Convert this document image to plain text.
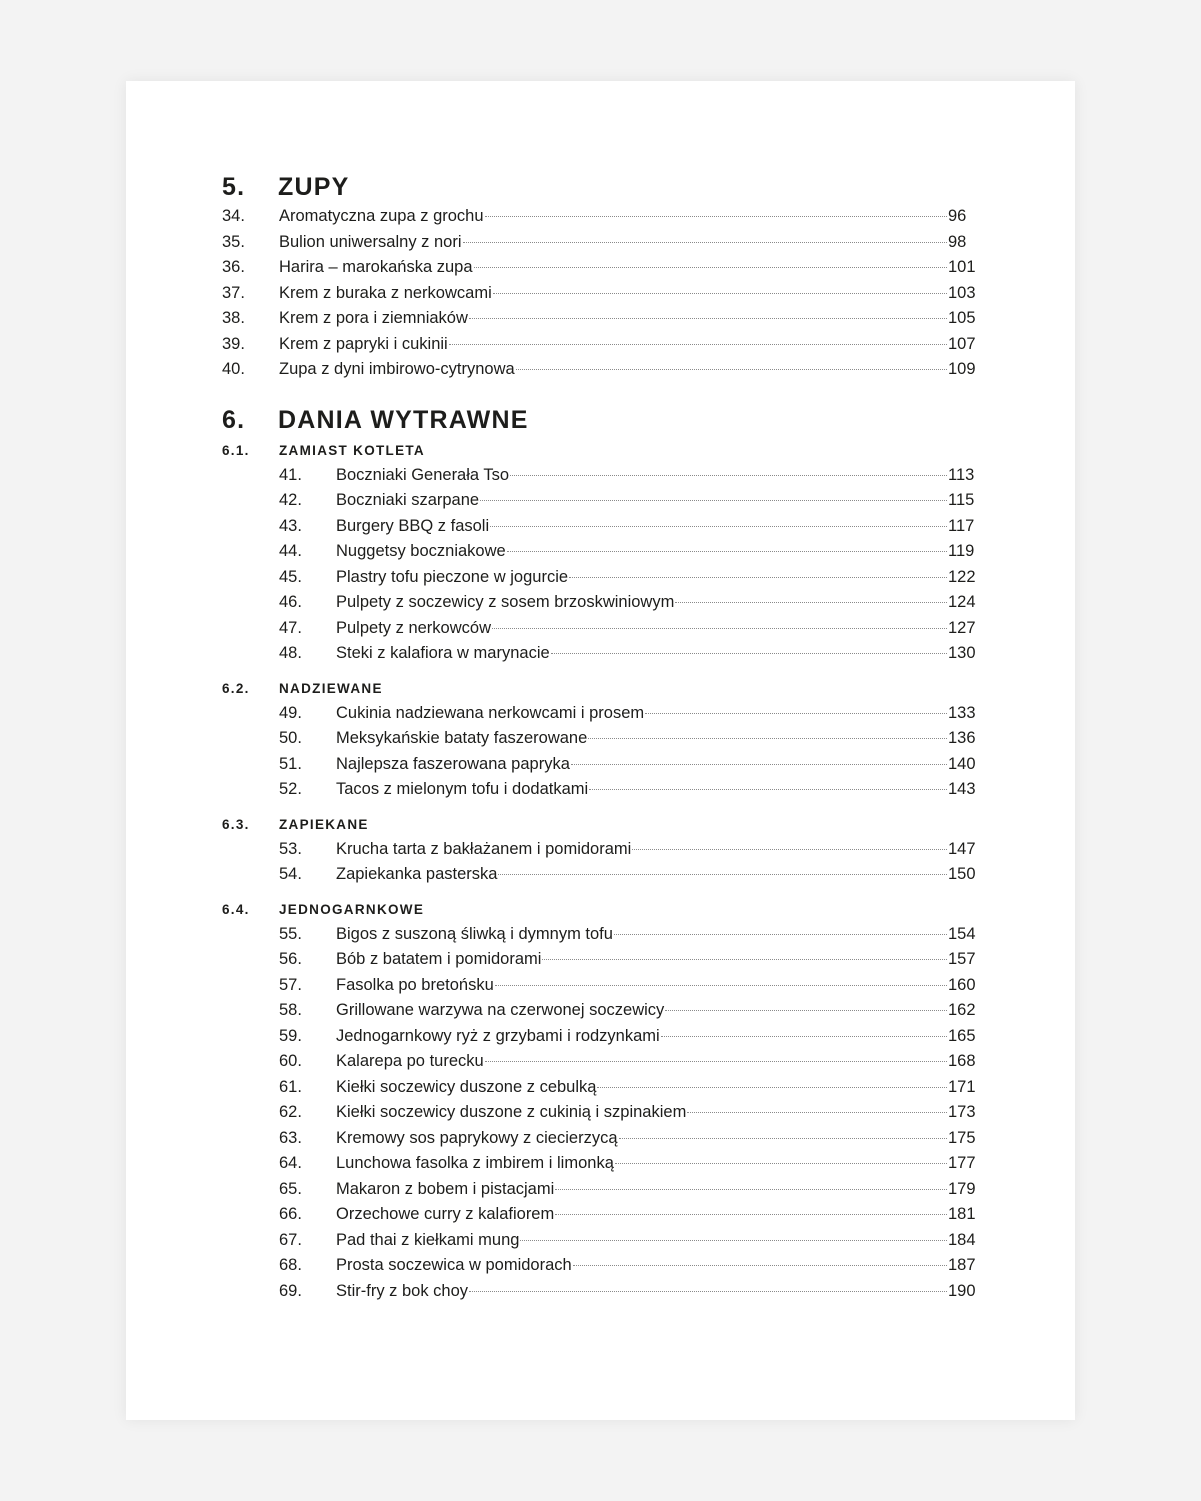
5.	ZUPY
34.	Aromatyczna zupa z grochu	96
35.	Bulion uniwersalny z nori	98
36.	Harira – marokańska zupa	101
37.	Krem z buraka z nerkowcami	103
38.	Krem z pora i ziemniaków	105
39.	Krem z papryki i cukinii	107
40.	Zupa z dyni imbirowo-cytrynowa	109
6.	DANIA WYTRAWNE
6.1.	ZAMIAST KOTLETA
41.	Boczniaki Generała Tso	113
42.	Boczniaki szarpane	115
43.	Burgery BBQ z fasoli	117
44.	Nuggetsy boczniakowe	119
45.	Plastry tofu pieczone w jogurcie	122
46.	Pulpety z soczewicy z sosem brzoskwiniowym	124
47.	Pulpety z nerkowców	127
48.	Steki z kalafiora w marynacie	130
6.2.	NADZIEWANE
49.	Cukinia nadziewana nerkowcami i prosem	133
50.	Meksykańskie bataty faszerowane	136
51.	Najlepsza faszerowana papryka	140
52.	Tacos z mielonym tofu i dodatkami	143
6.3.	ZAPIEKANE
53.	Krucha tarta z bakłażanem i pomidorami	147
54.	Zapiekanka pasterska	150
6.4.	JEDNOGARNKOWE
55.	Bigos z suszoną śliwką i dymnym tofu	154
56.	Bób z batatem i pomidorami	157
57.	Fasolka po bretońsku	160
58.	Grillowane warzywa na czerwonej soczewicy	162
59.	Jednogarnkowy ryż z grzybami i rodzynkami	165
60.	Kalarepa po turecku	168
61.	Kiełki soczewicy duszone z cebulką	171
62.	Kiełki soczewicy duszone z cukinią i szpinakiem	173
63.	Kremowy sos paprykowy z ciecierzycą	175
64.	Lunchowa fasolka z imbirem i limonką	177
65.	Makaron z bobem i pistacjami	179
66.	Orzechowe curry z kalafiorem	181
67.	Pad thai z kiełkami mung	184
68.	Prosta soczewica w pomidorach	187
69.	Stir-fry z bok choy	190
